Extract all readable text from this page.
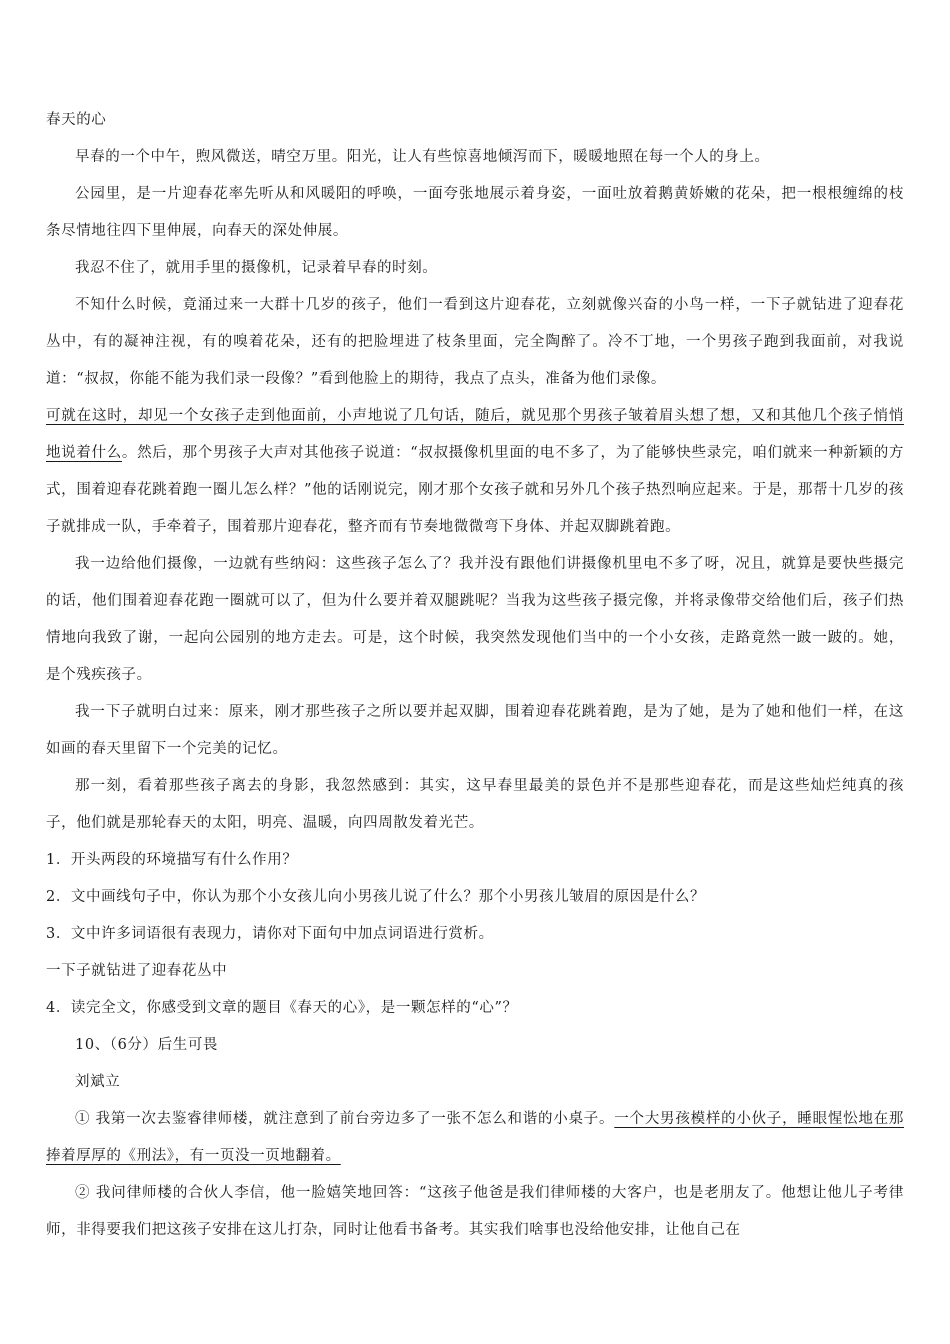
春天的心

早春的一个中午，煦风微送，晴空万里。阳光，让人有些惊喜地倾泻而下，暖暖地照在每一个人的身上。

公园里，是一片迎春花率先听从和风暖阳的呼唤，一面夸张地展示着身姿，一面吐放着鹅黄娇嫩的花朵，把一根根缠绵的枝条尽情地往四下里伸展，向春天的深处伸展。

我忍不住了，就用手里的摄像机，记录着早春的时刻。

不知什么时候，竟涌过来一大群十几岁的孩子，他们一看到这片迎春花，立刻就像兴奋的小鸟一样，一下子就钻进了迎春花丛中，有的凝神注视，有的嗅着花朵，还有的把脸埋进了枝条里面，完全陶醉了。冷不丁地，一个男孩子跑到我面前，对我说道：“叔叔，你能不能为我们录一段像？”看到他脸上的期待，我点了点头，准备为他们录像。

可就在这时，却见一个女孩子走到他面前，小声地说了几句话，随后，就见那个男孩子皱着眉头想了想，又和其他几个孩子悄悄地说着什么。然后，那个男孩子大声对其他孩子说道：“叔叔摄像机里面的电不多了，为了能够快些录完，咱们就来一种新颖的方式，围着迎春花跳着跑一圈儿怎么样？”他的话刚说完，刚才那个女孩子就和另外几个孩子热烈响应起来。于是，那帮十几岁的孩子就排成一队，手牵着子，围着那片迎春花，整齐而有节奏地微微弯下身体、并起双脚跳着跑。

我一边给他们摄像，一边就有些纳闷：这些孩子怎么了？我并没有跟他们讲摄像机里电不多了呀，况且，就算是要快些摄完的话，他们围着迎春花跑一圈就可以了，但为什么要并着双腿跳呢？当我为这些孩子摄完像，并将录像带交给他们后，孩子们热情地向我致了谢，一起向公园别的地方走去。可是，这个时候，我突然发现他们当中的一个小女孩，走路竟然一跛一跛的。她，是个残疾孩子。

我一下子就明白过来：原来，刚才那些孩子之所以要并起双脚，围着迎春花跳着跑，是为了她，是为了她和他们一样，在这如画的春天里留下一个完美的记忆。

那一刻，看着那些孩子离去的身影，我忽然感到：其实，这早春里最美的景色并不是那些迎春花，而是这些灿烂纯真的孩子，他们就是那轮春天的太阳，明亮、温暖，向四周散发着光芒。

1．开头两段的环境描写有什么作用？

2．文中画线句子中，你认为那个小女孩儿向小男孩儿说了什么？那个小男孩儿皱眉的原因是什么？

3．文中许多词语很有表现力，请你对下面句中加点词语进行赏析。

一下子就钻进了迎春花丛中

4．读完全文，你感受到文章的题目《春天的心》，是一颗怎样的“心”？

10、（6分）后生可畏

刘斌立

① 我第一次去鉴睿律师楼，就注意到了前台旁边多了一张不怎么和谐的小桌子。一个大男孩模样的小伙子，睡眼惺忪地在那捧着厚厚的《刑法》，有一页没一页地翻着。

② 我问律师楼的合伙人李信，他一脸嬉笑地回答：“这孩子他爸是我们律师楼的大客户，也是老朋友了。他想让他儿子考律师，非得要我们把这孩子安排在这儿打杂，同时让他看书备考。其实我们啥事也没给他安排，让他自己在
